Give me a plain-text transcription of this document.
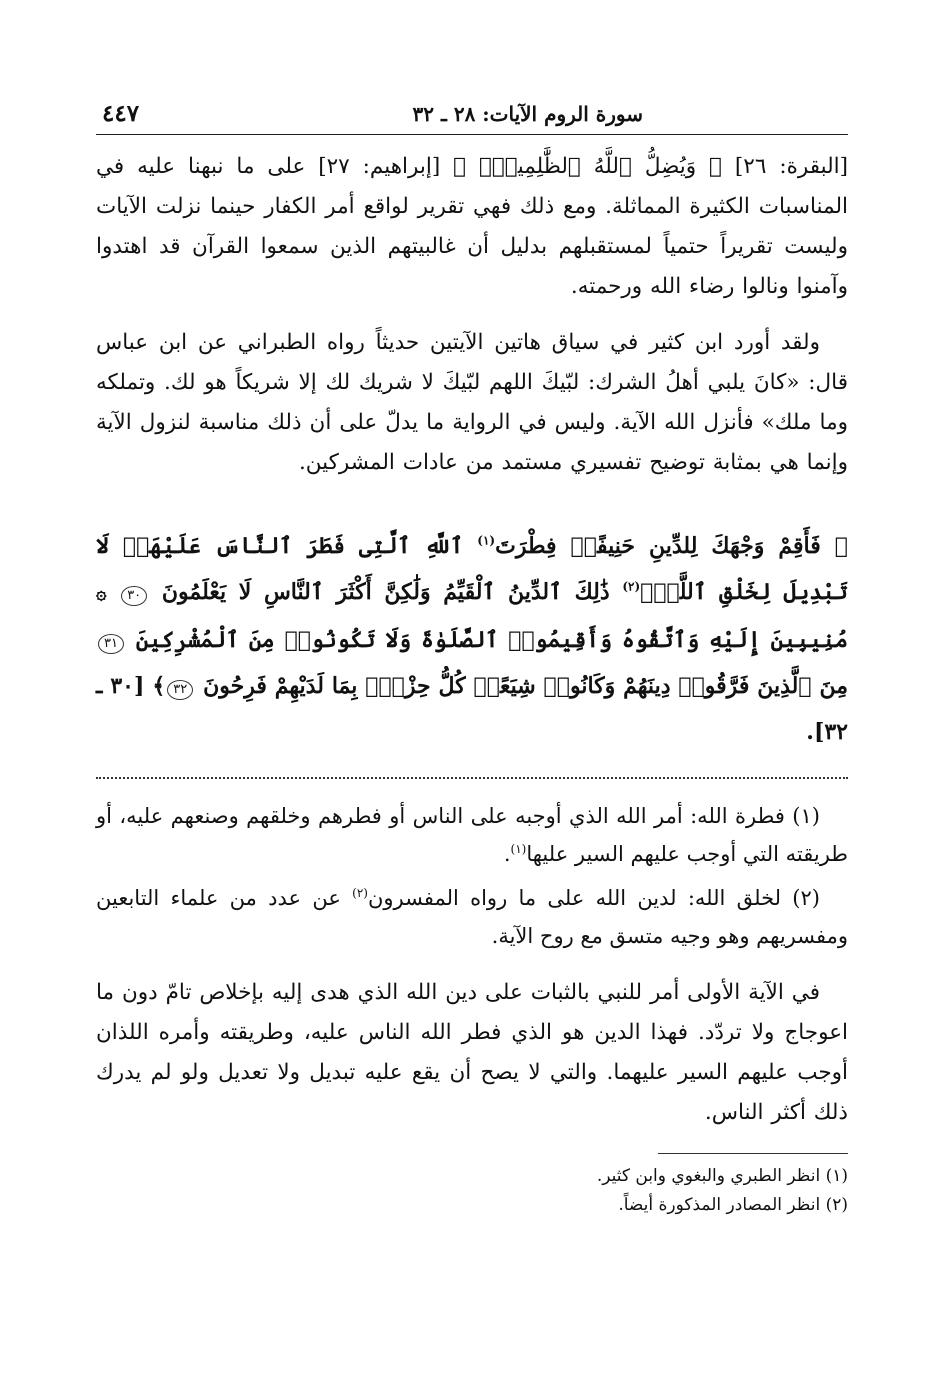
سورة الروم الآيات: ٢٨ ـ ٣٢
٤٤٧

[البقرة: ٢٦] ﴿ وَيُضِلُّ ٱللَّهُ ٱلظَّٰلِمِينَۚ ﴾ [إبراهيم: ٢٧] على ما نبهنا عليه في المناسبات الكثيرة المماثلة. ومع ذلك فهي تقرير لواقع أمر الكفار حينما نزلت الآيات وليست تقريراً حتمياً لمستقبلهم بدليل أن غالبيتهم الذين سمعوا القرآن قد اهتدوا وآمنوا ونالوا رضاء الله ورحمته.

ولقد أورد ابن كثير في سياق هاتين الآيتين حديثاً رواه الطبراني عن ابن عباس قال: «كانَ يلبي أهلُ الشرك: لبّيكَ اللهم لبّيكَ لا شريك لك إلا شريكاً هو لك. وتملكه وما ملك» فأنزل الله الآية. وليس في الرواية ما يدلّ على أن ذلك مناسبة لنزول الآية وإنما هي بمثابة توضيح تفسيري مستمد من عادات المشركين.

﴿ فَأَقِمْ وَجْهَكَ لِلدِّينِ حَنِيفًاۚ فِطْرَتَ$^{(١)}$ ٱللَّهِ ٱلَّتِى فَطَرَ ٱلنَّاسَ عَلَيْهَاۚ لَا تَبْدِيلَ لِخَلْقِ ٱللَّهِۚ$^{(٢)}$ ذَٰلِكَ ٱلدِّينُ ٱلْقَيِّمُ وَلَٰكِنَّ أَكْثَرَ ٱلنَّاسِ لَا يَعْلَمُونَ ٣٠ ۞ مُنِيبِينَ إِلَيْهِ وَٱتَّقُوهُ وَأَقِيمُوا۟ ٱلصَّلَوٰةَ وَلَا تَكُونُوا۟ مِنَ ٱلْمُشْرِكِينَ ٣١ مِنَ ٱلَّذِينَ فَرَّقُوا۟ دِينَهُمْ وَكَانُوا۟ شِيَعًاۖ كُلُّ حِزْبٍۭ بِمَا لَدَيْهِمْ فَرِحُونَ ٣٢﴾ [٣٠ ـ ٣٢].

(١) فطرة الله: أمر الله الذي أوجبه على الناس أو فطرهم وخلقهم وصنعهم عليه، أو طريقته التي أوجب عليهم السير عليها$^{(١)}$.

(٢) لخلق الله: لدين الله على ما رواه المفسرون$^{(٢)}$ عن عدد من علماء التابعين ومفسريهم وهو وجيه متسق مع روح الآية.

في الآية الأولى أمر للنبي بالثبات على دين الله الذي هدى إليه بإخلاص تامّ دون ما اعوجاج ولا تردّد. فهذا الدين هو الذي فطر الله الناس عليه، وطريقته وأمره اللذان أوجب عليهم السير عليهما. والتي لا يصح أن يقع عليه تبديل ولا تعديل ولو لم يدرك ذلك أكثر الناس.

(١) انظر الطبري والبغوي وابن كثير.

(٢) انظر المصادر المذكورة أيضاً.
